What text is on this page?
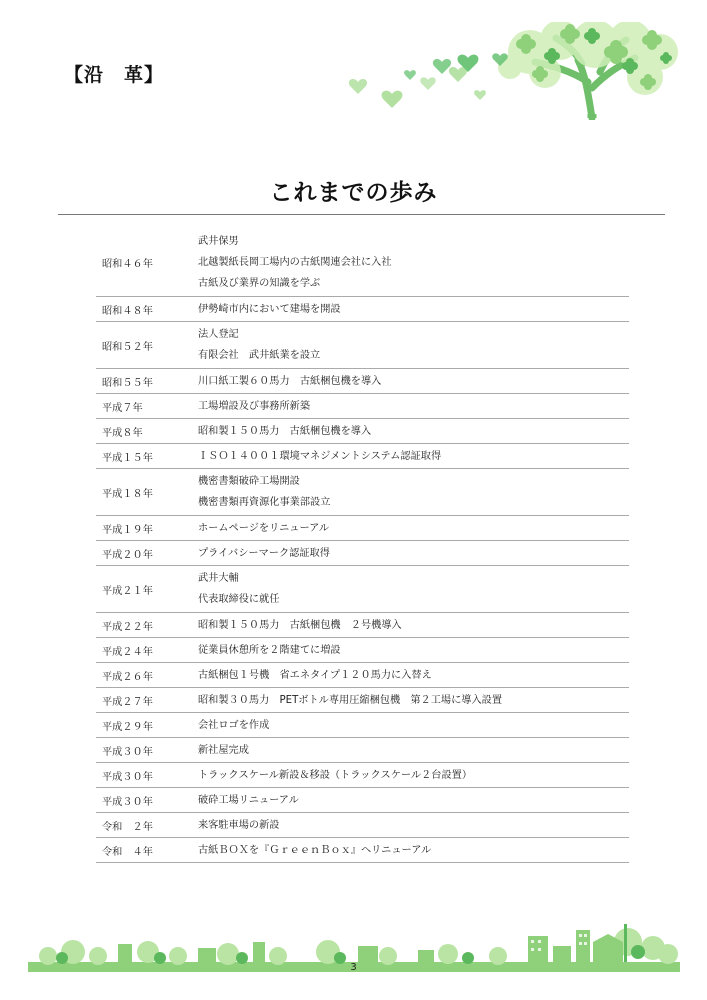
【沿　革】
これまでの歩み
昭和４６年	武井保男
北越製紙長岡工場内の古紙関連会社に入社
古紙及び業界の知識を学ぶ

昭和４８年	伊勢崎市内において建場を開設

昭和５２年	法人登記
有限会社　武井紙業を設立

昭和５５年	川口紙工製６０馬力　古紙梱包機を導入

平成７年	工場増設及び事務所新築

平成８年	昭和製１５０馬力　古紙梱包機を導入

平成１５年	ＩＳＯ１４００１環境マネジメントシステム認証取得

平成１８年	機密書類破砕工場開設
機密書類再資源化事業部設立

平成１９年	ホームページをリニューアル

平成２０年	プライバシーマーク認証取得

平成２１年	武井大輔
代表取締役に就任

平成２２年	昭和製１５０馬力　古紙梱包機　２号機導入

平成２４年	従業員休憩所を２階建てに増設

平成２６年	古紙梱包１号機　省エネタイプ１２０馬力に入替え

平成２７年	昭和製３０馬力　PETボトル専用圧縮梱包機　第２工場に導入設置

平成２９年	会社ロゴを作成

平成３０年	新社屋完成

平成３０年	トラックスケール新設＆移設（トラックスケール２台設置）

平成３０年	破砕工場リニューアル

令和　２年	来客駐車場の新設

令和　４年	古紙ＢＯＸを『ＧｒｅｅｎＢｏｘ』へリニューアル
3
